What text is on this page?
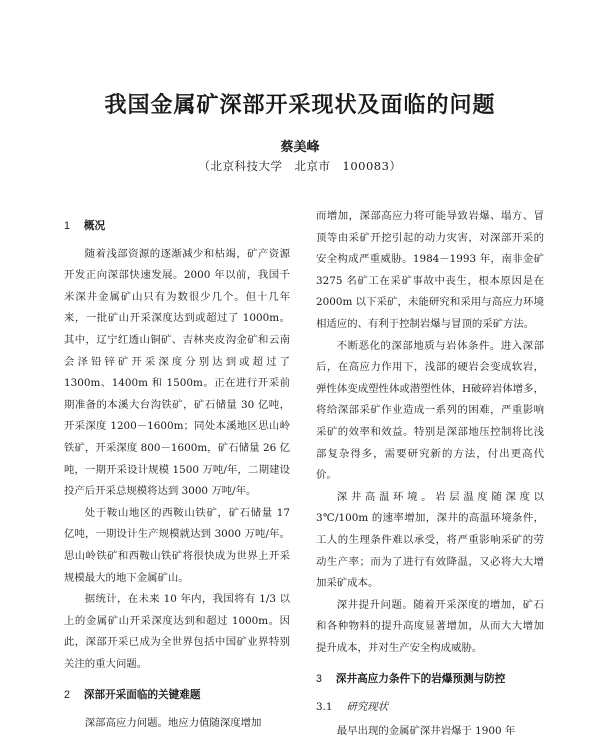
我国金属矿深部开采现状及面临的问题
蔡美峰
（北京科技大学　北京市　100083）
1 概况

随着浅部资源的逐渐减少和枯竭，矿产资源开发正向深部快速发展。2000 年以前，我国千米深井金属矿山只有为数很少几个。但十几年来，一批矿山开采深度达到或超过了 1000m。其中，辽宁红透山铜矿、吉林夹皮沟金矿和云南会泽铅锌矿开采深度分别达到或超过了 1300m、1400m 和 1500m。正在进行开采前期准备的本溪大台沟铁矿，矿石储量 30 亿吨，开采深度 1200－1600m；同处本溪地区思山岭铁矿，开采深度 800－1600m，矿石储量 26 亿吨，一期开采设计规模 1500 万吨/年，二期建设投产后开采总规模将达到 3000 万吨/年。

处于鞍山地区的西鞍山铁矿，矿石储量 17 亿吨，一期设计生产规模就达到 3000 万吨/年。思山岭铁矿和西鞍山铁矿将很快成为世界上开采规模最大的地下金属矿山。

据统计，在未来 10 年内，我国将有 1/3 以上的金属矿山开采深度达到和超过 1000m。因此，深部开采已成为全世界包括中国矿业界特别关注的重大问题。

2 深部开采面临的关键难题

深部高应力问题。地应力值随深度增加

而增加，深部高应力将可能导致岩爆、塌方、冒顶等由采矿开挖引起的动力灾害，对深部开采的安全构成严重威胁。1984－1993 年，南非金矿 3275 名矿工在采矿事故中丧生，根本原因是在 2000m 以下采矿，未能研究和采用与高应力环境相适应的、有利于控制岩爆与冒顶的采矿方法。

不断恶化的深部地质与岩体条件。进入深部后，在高应力作用下，浅部的硬岩会变成软岩，弹性体变成塑性体或潜塑性体，H破碎岩体增多，将给深部采矿作业造成一系列的困难，严重影响采矿的效率和效益。特别是深部地压控制将比浅部复杂得多，需要研究新的方法，付出更高代价。

深井高温环境。岩层温度随深度以 3℃/100m 的速率增加，深井的高温环境条件，工人的生理条件难以承受，将严重影响采矿的劳动生产率；而为了进行有效降温，又必将大大增加采矿成本。

深井提升问题。随着开采深度的增加，矿石和各种物料的提升高度显著增加，从而大大增加提升成本，并对生产安全构成威胁。

3 深井高应力条件下的岩爆预测与防控
3.1 研究现状

最早出现的金属矿深井岩爆于 1900 年
